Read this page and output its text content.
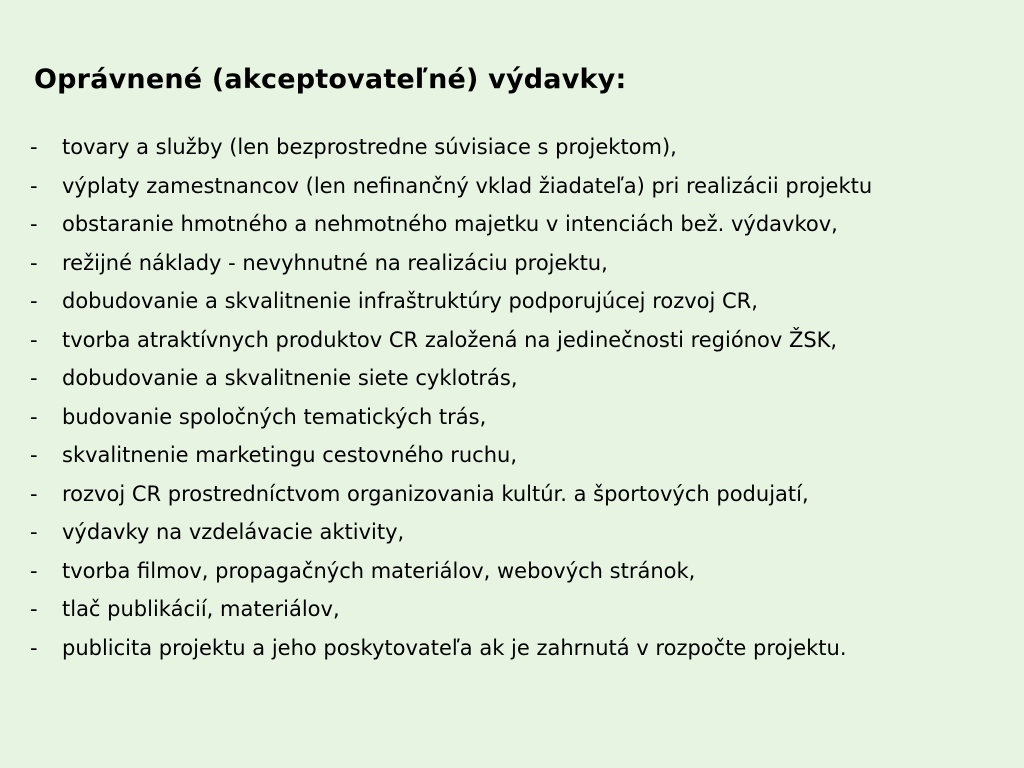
Oprávnené (akceptovateľné) výdavky:
- tovary a služby (len bezprostredne súvisiace s projektom),
- výplaty zamestnancov (len nefinančný vklad žiadateľa) pri realizácii projektu
- obstaranie hmotného a nehmotného majetku v intenciách bež. výdavkov,
- režijné náklady - nevyhnutné na realizáciu projektu,
- dobudovanie a skvalitnenie infraštruktúry podporujúcej rozvoj CR,
- tvorba atraktívnych produktov CR založená na jedinečnosti regiónov ŽSK,
- dobudovanie a skvalitnenie siete cyklotrás,
- budovanie spoločných tematických trás,
- skvalitnenie marketingu cestovného ruchu,
- rozvoj CR prostredníctvom organizovania kultúr. a športových podujatí,
- výdavky na vzdelávacie aktivity,
- tvorba filmov, propagačných materiálov, webových stránok,
- tlač publikácií, materiálov,
- publicita projektu a jeho poskytovateľa ak je zahrnutá v rozpočte projektu.
